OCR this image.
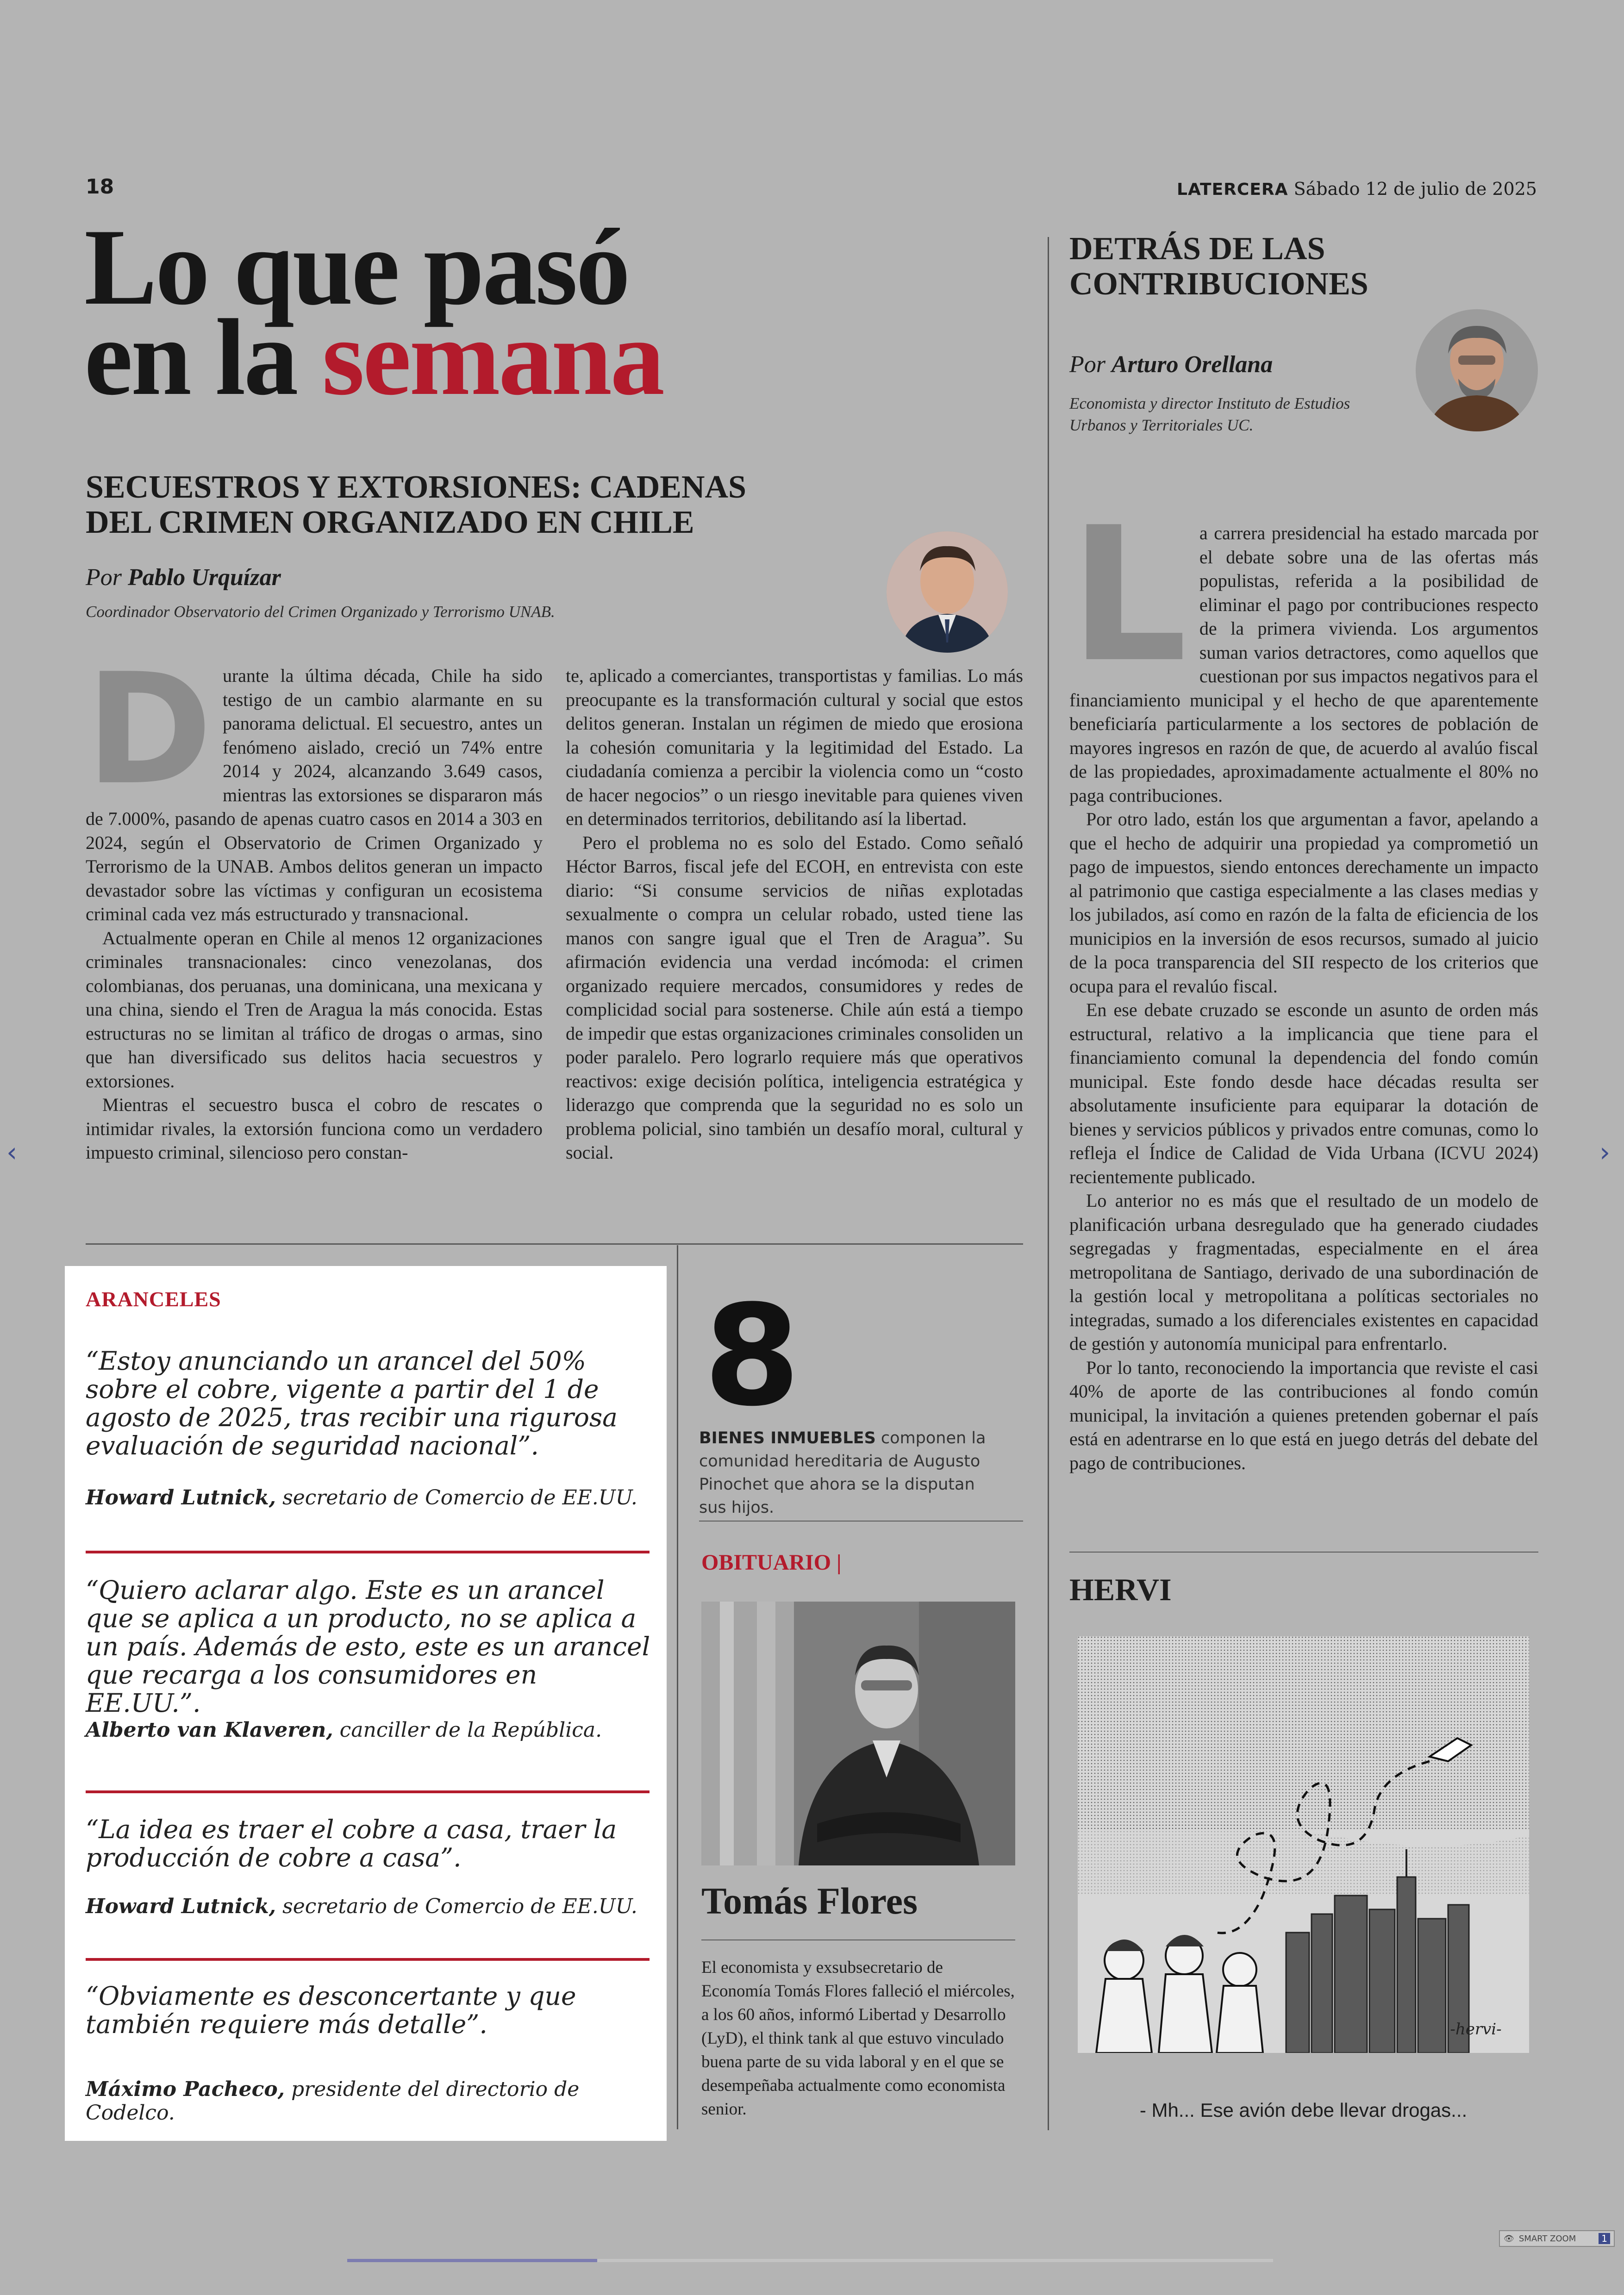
18	LATERCERA Sábado 12 de julio de 2025
Lo que pasó
en la semana
SECUESTROS Y EXTORSIONES: CADENAS
DEL CRIMEN ORGANIZADO EN CHILE
Por Pablo Urquízar
Coordinador Observatorio del Crimen Organizado y Terrorismo UNAB.
D urante la última década, Chile ha sido testigo de un cambio alarmante en su panorama delictual. El secuestro, antes un fenómeno aislado, creció un 74% entre 2014 y 2024, alcanzando 3.649 casos, mientras las extorsiones se dispararon más de 7.000%, pasando de apenas cuatro casos en 2014 a 303 en 2024, según el Observatorio de Crimen Organizado y Terrorismo de la UNAB. Ambos delitos generan un impacto devastador sobre las víctimas y configuran un ecosistema criminal cada vez más estructurado y transnacional.

Actualmente operan en Chile al menos 12 organizaciones criminales transnacionales: cinco venezolanas, dos colombianas, dos peruanas, una dominicana, una mexicana y una china, siendo el Tren de Aragua la más conocida. Estas estructuras no se limitan al tráfico de drogas o armas, sino que han diversificado sus delitos hacia secuestros y extorsiones.

Mientras el secuestro busca el cobro de rescates o intimidar rivales, la extorsión funciona como un verdadero impuesto criminal, silencioso pero constan-

te, aplicado a comerciantes, transportistas y familias. Lo más preocupante es la transformación cultural y social que estos delitos generan. Instalan un régimen de miedo que erosiona la cohesión comunitaria y la legitimidad del Estado. La ciudadanía comienza a percibir la violencia como un “costo de hacer negocios” o un riesgo inevitable para quienes viven en determinados territorios, debilitando así la libertad.

Pero el problema no es solo del Estado. Como señaló Héctor Barros, fiscal jefe del ECOH, en entrevista con este diario: “Si consume servicios de niñas explotadas sexualmente o compra un celular robado, usted tiene las manos con sangre igual que el Tren de Aragua”. Su afirmación evidencia una verdad incómoda: el crimen organizado requiere mercados, consumidores y redes de complicidad social para sostenerse. Chile aún está a tiempo de impedir que estas organizaciones criminales consoliden un poder paralelo. Pero lograrlo requiere más que operativos reactivos: exige decisión política, inteligencia estratégica y liderazgo que comprenda que la seguridad no es solo un problema policial, sino también un desafío moral, cultural y social.

ARANCELES
“Estoy anunciando un arancel del 50% sobre el cobre, vigente a partir del 1 de agosto de 2025, tras recibir una rigurosa evaluación de seguridad nacional”.
Howard Lutnick, secretario de Comercio de EE.UU.
“Quiero aclarar algo. Este es un arancel que se aplica a un producto, no se aplica a un país. Además de esto, este es un arancel que recarga a los consumidores en EE.UU.”.
Alberto van Klaveren, canciller de la República.
“La idea es traer el cobre a casa, traer la producción de cobre a casa”.
Howard Lutnick, secretario de Comercio de EE.UU.
“Obviamente es desconcertante y que también requiere más detalle”.
Máximo Pacheco, presidente del directorio de Codelco.
8
BIENES INMUEBLES componen la comunidad hereditaria de Augusto Pinochet que ahora se la disputan sus hijos.
OBITUARIO |
Tomás Flores
El economista y exsubsecretario de Economía Tomás Flores falleció el miércoles, a los 60 años, informó Libertad y Desarrollo (LyD), el think tank al que estuvo vinculado buena parte de su vida laboral y en el que se desempeñaba actualmente como economista senior.
DETRÁS DE LAS
CONTRIBUCIONES
Por Arturo Orellana
Economista y director Instituto de Estudios Urbanos y Territoriales UC.
L a carrera presidencial ha estado marcada por el debate sobre una de las ofertas más populistas, referida a la posibilidad de eliminar el pago por contribuciones respecto de la primera vivienda. Los argumentos suman varios detractores, como aquellos que cuestionan por sus impactos negativos para el financiamiento municipal y el hecho de que aparentemente beneficiaría particularmente a los sectores de población de mayores ingresos en razón de que, de acuerdo al avalúo fiscal de las propiedades, aproximadamente actualmente el 80% no paga contribuciones.

Por otro lado, están los que argumentan a favor, apelando a que el hecho de adquirir una propiedad ya comprometió un pago de impuestos, siendo entonces derechamente un impacto al patrimonio que castiga especialmente a las clases medias y los jubilados, así como en razón de la falta de eficiencia de los municipios en la inversión de esos recursos, sumado al juicio de la poca transparencia del SII respecto de los criterios que ocupa para el revalúo fiscal.

En ese debate cruzado se esconde un asunto de orden más estructural, relativo a la implicancia que tiene para el financiamiento comunal la dependencia del fondo común municipal. Este fondo desde hace décadas resulta ser absolutamente insuficiente para equiparar la dotación de bienes y servicios públicos y privados entre comunas, como lo refleja el Índice de Calidad de Vida Urbana (ICVU 2024) recientemente publicado.

Lo anterior no es más que el resultado de un modelo de planificación urbana desregulado que ha generado ciudades segregadas y fragmentadas, especialmente en el área metropolitana de Santiago, derivado de una subordinación de la gestión local y metropolitana a políticas sectoriales no integradas, sumado a los diferenciales existentes en capacidad de gestión y autonomía municipal para enfrentarlo.

Por lo tanto, reconociendo la importancia que reviste el casi 40% de aporte de las contribuciones al fondo común municipal, la invitación a quienes pretenden gobernar el país está en adentrarse en lo que está en juego detrás del debate del pago de contribuciones.

HERVI
-hervi-
- Mh... Ese avión debe llevar drogas...
‹	›
👁 SMART ZOOM	1
